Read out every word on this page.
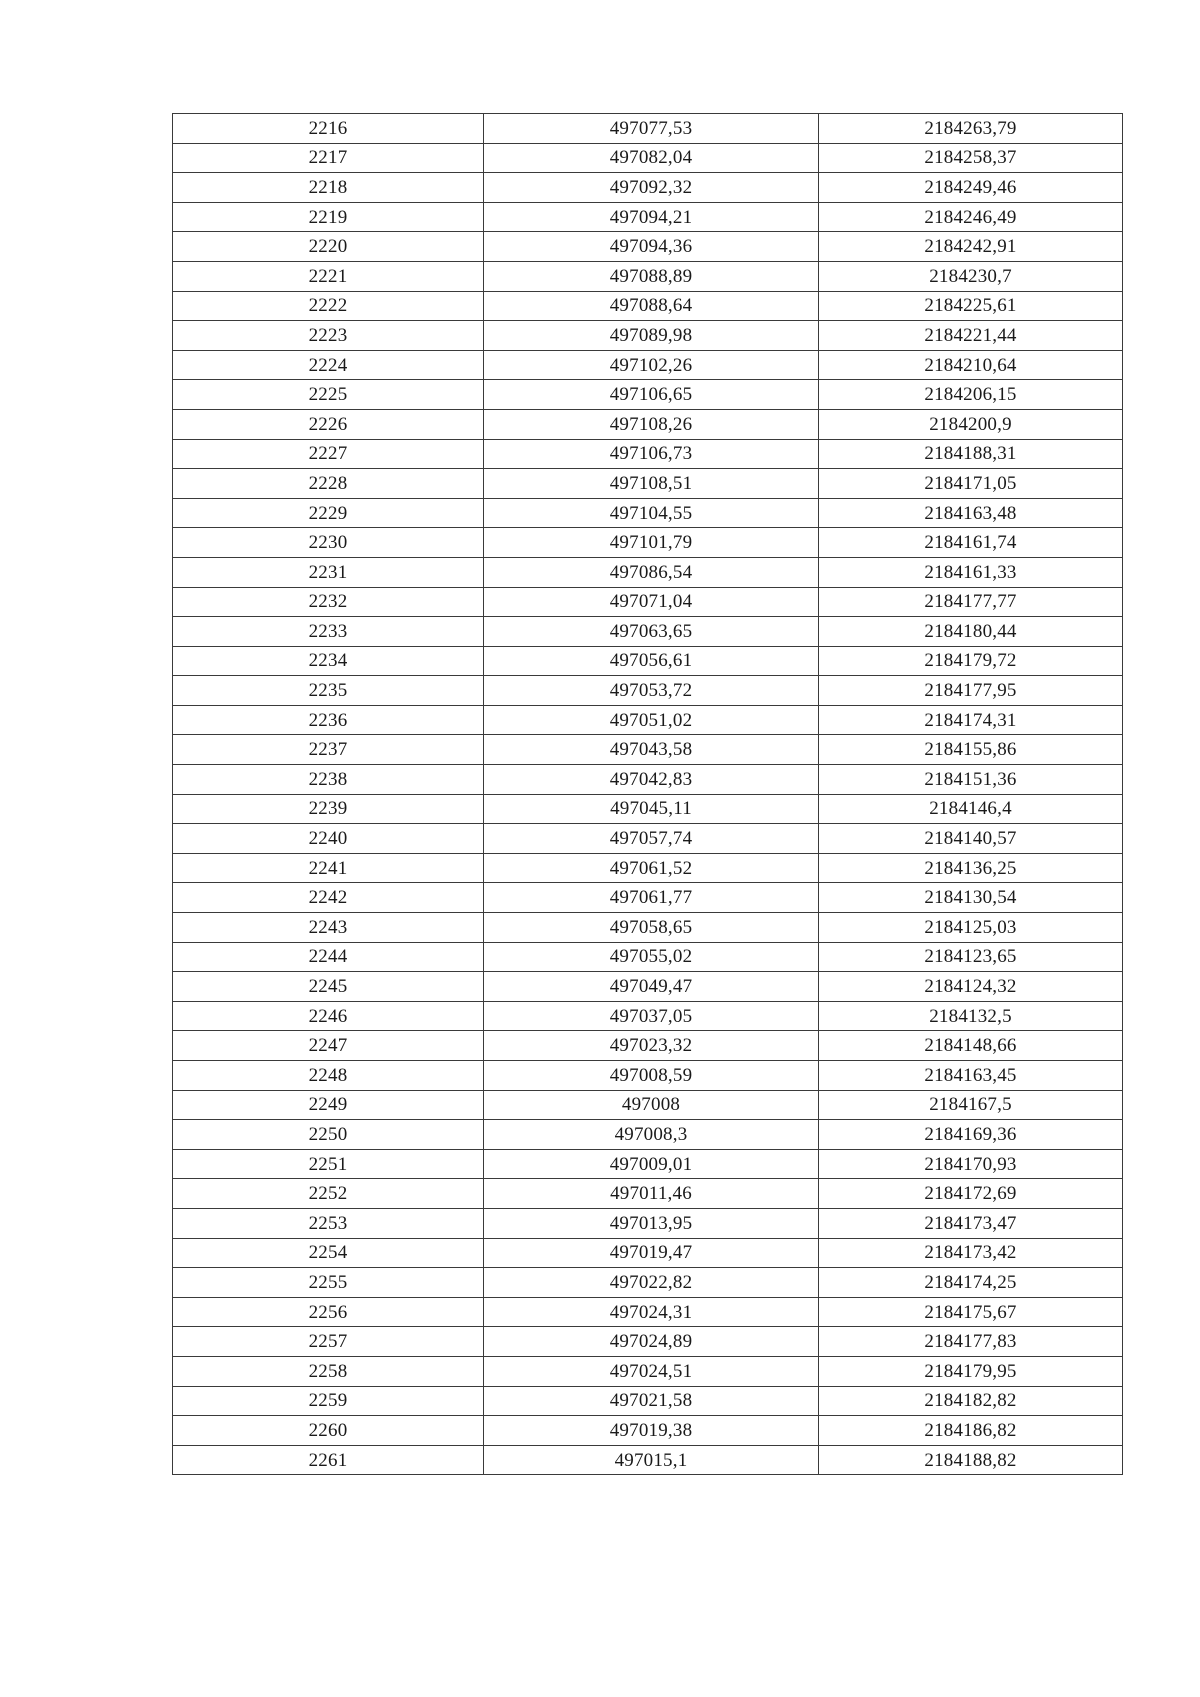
2216	497077,53	2184263,79
2217	497082,04	2184258,37
2218	497092,32	2184249,46
2219	497094,21	2184246,49
2220	497094,36	2184242,91
2221	497088,89	2184230,7
2222	497088,64	2184225,61
2223	497089,98	2184221,44
2224	497102,26	2184210,64
2225	497106,65	2184206,15
2226	497108,26	2184200,9
2227	497106,73	2184188,31
2228	497108,51	2184171,05
2229	497104,55	2184163,48
2230	497101,79	2184161,74
2231	497086,54	2184161,33
2232	497071,04	2184177,77
2233	497063,65	2184180,44
2234	497056,61	2184179,72
2235	497053,72	2184177,95
2236	497051,02	2184174,31
2237	497043,58	2184155,86
2238	497042,83	2184151,36
2239	497045,11	2184146,4
2240	497057,74	2184140,57
2241	497061,52	2184136,25
2242	497061,77	2184130,54
2243	497058,65	2184125,03
2244	497055,02	2184123,65
2245	497049,47	2184124,32
2246	497037,05	2184132,5
2247	497023,32	2184148,66
2248	497008,59	2184163,45
2249	497008	2184167,5
2250	497008,3	2184169,36
2251	497009,01	2184170,93
2252	497011,46	2184172,69
2253	497013,95	2184173,47
2254	497019,47	2184173,42
2255	497022,82	2184174,25
2256	497024,31	2184175,67
2257	497024,89	2184177,83
2258	497024,51	2184179,95
2259	497021,58	2184182,82
2260	497019,38	2184186,82
2261	497015,1	2184188,82
